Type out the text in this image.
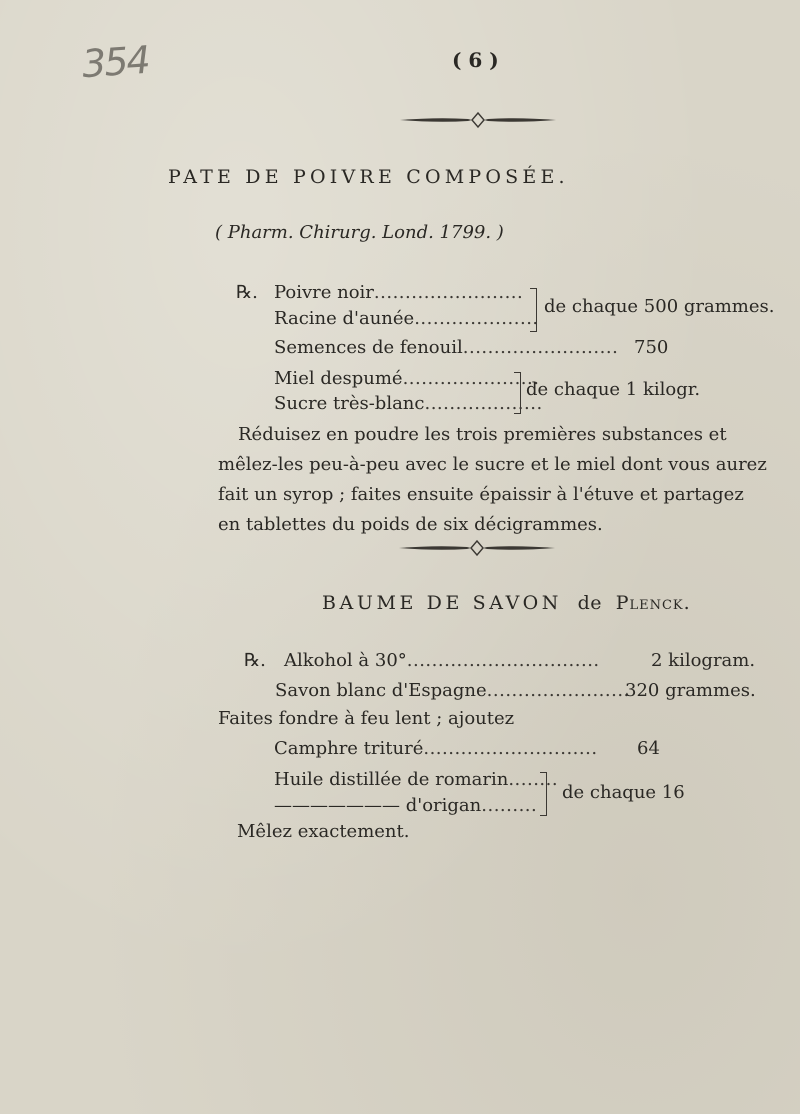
354	( 6 )
PATE DE POIVRE COMPOSÉE.
( Pharm. Chirurg. Lond. 1799. )
℞. Poivre noir........................
Racine d'aunée....................
de chaque 500 grammes.
Semences de fenouil......................... 750
Miel despumé......................
Sucre très-blanc...................
de chaque 1 kilogr.
Réduisez en poudre les trois premières substances et mêlez-les peu-à-peu avec le sucre et le miel dont vous aurez fait un syrop ; faites ensuite épaissir à l'étuve et partagez en tablettes du poids de six décigrammes.
BAUME DE SAVON de Plenck.
℞. Alkohol à 30°...............................	2 kilogram.
Savon blanc d'Espagne.......................
320 grammes.
Faites fondre à feu lent ; ajoutez
Camphre trituré............................ 64
Huile distillée de romarin........
——————— d'origan.........
de chaque 16
Mêlez exactement.
